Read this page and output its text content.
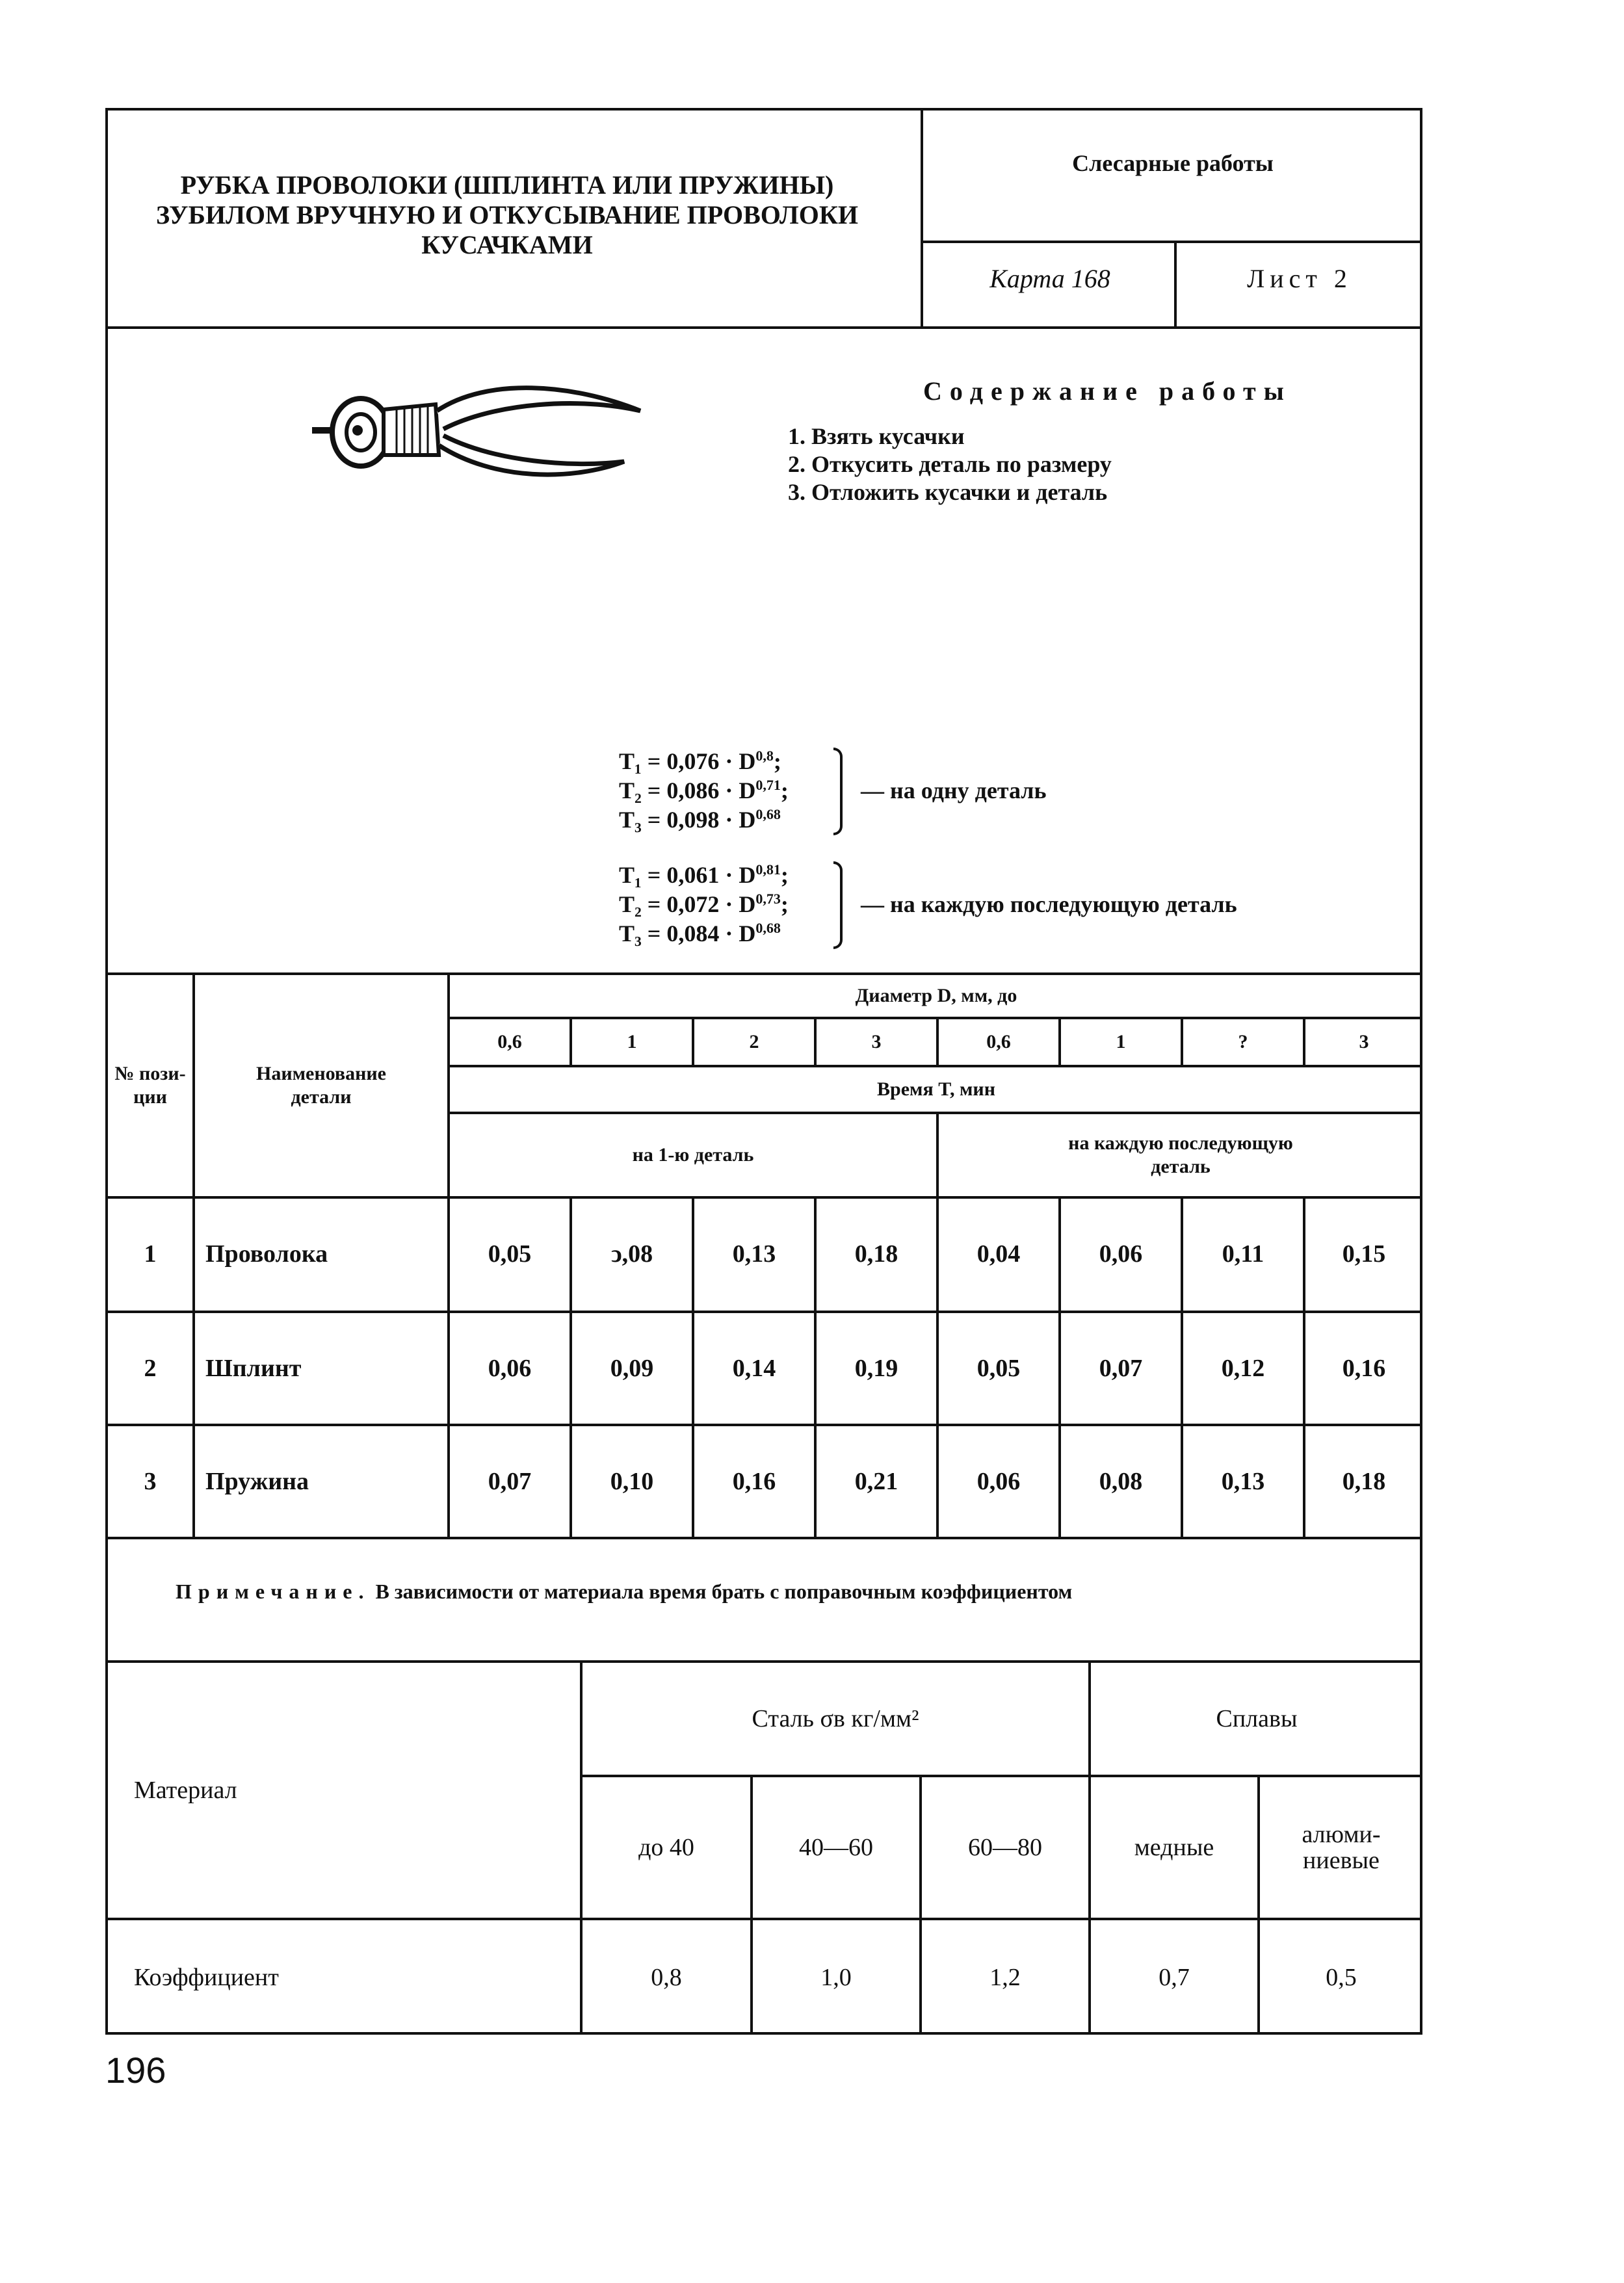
РУБКА ПРОВОЛОКИ (ШПЛИНТА ИЛИ ПРУЖИНЫ)
ЗУБИЛОМ ВРУЧНУЮ И ОТКУСЫВАНИЕ ПРОВОЛОКИ
КУСАЧКАМИ
Слесарные работы
Карта 168	Лист 2
Содержание работы
1. Взять кусачки
2. Откусить деталь по размеру
3. Отложить кусачки и деталь
T₁ = 0,076 · D$^{0,8}$;
T₂ = 0,086 · D$^{0,71}$;
T₃ = 0,098 · D$^{0,68}$
— на одну деталь
T₁ = 0,061 · D$^{0,81}$;
T₂ = 0,072 · D$^{0,73}$;
T₃ = 0,084 · D$^{0,68}$
— на каждую последующую деталь
№ пози- ции
Наименование детали
Диаметр D, мм, до
0,6	1	2	3	0,6	1	?	3
Время T, мин
на 1-ю деталь
на каждую последующую деталь
1	Проволока	0,05	ↄ,08	0,13	0,18	0,04	0,06	0,11	0,15
2	Шплинт	0,06	0,09	0,14	0,19	0,05	0,07	0,12	0,16
3	Пружина	0,07	0,10	0,16	0,21	0,06	0,08	0,13	0,18
Примечание. В зависимости от материала время брать с поправочным коэффициентом
Материал
Сталь σв кг/мм²	Сплавы
до 40	40—60	60—80	медные	алюми- ниевые
Коэффициент	0,8	1,0	1,2	0,7	0,5
196
